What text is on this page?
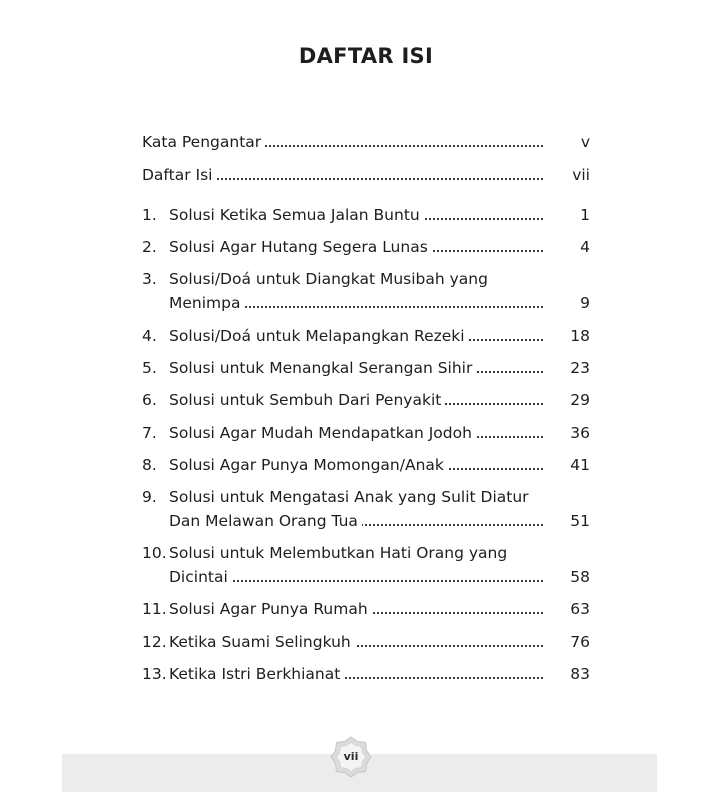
DAFTAR ISI
Kata Pengantar	v
Daftar Isi	vii
1. Solusi Ketika Semua Jalan Buntu	1
2. Solusi Agar Hutang Segera Lunas	4
3. Solusi/Doá untuk Diangkat Musibah yang
Menimpa	9
4. Solusi/Doá untuk Melapangkan Rezeki	18
5. Solusi untuk Menangkal Serangan Sihir	23
6. Solusi untuk Sembuh Dari Penyakit	29
7. Solusi Agar Mudah Mendapatkan Jodoh	36
8. Solusi Agar Punya Momongan/Anak	41
9. Solusi untuk Mengatasi Anak yang Sulit Diatur
Dan Melawan Orang Tua	51
10. Solusi untuk Melembutkan Hati Orang yang
Dicintai	58
11. Solusi Agar Punya Rumah	63
12. Ketika Suami Selingkuh	76
13. Ketika Istri Berkhianat	83
vii
